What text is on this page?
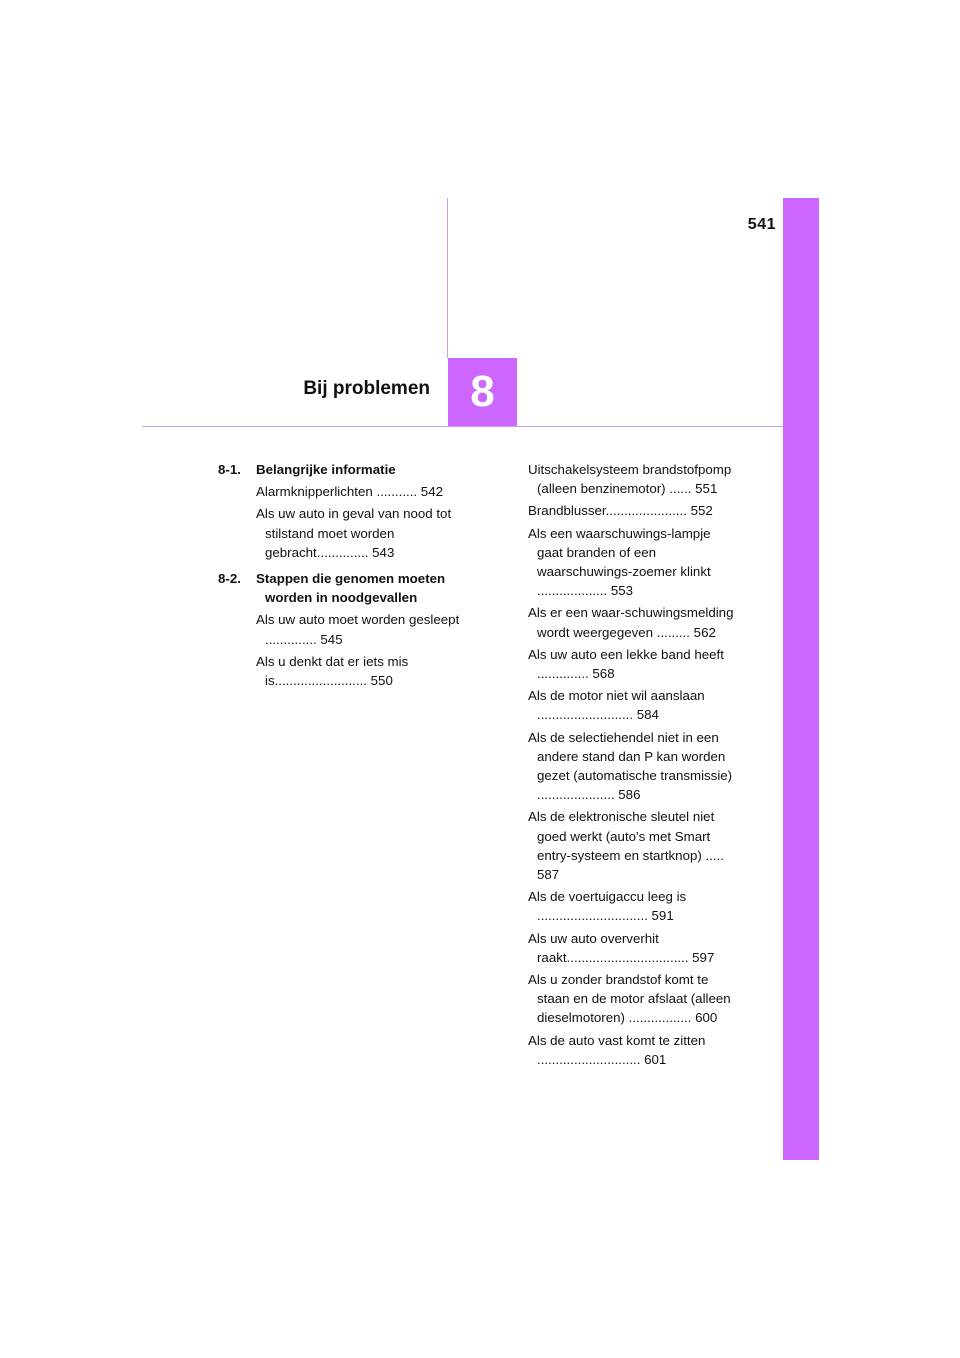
541
8
Bij problemen
8-1.	Belangrijke informatie
Alarmknipperlichten ........... 542
Als uw auto in geval van nood tot stilstand moet worden gebracht.............. 543
8-2.	Stappen die genomen moeten worden in noodgevallen
Als uw auto moet worden gesleept .............. 545
Als u denkt dat er iets mis is......................... 550
Uitschakelsysteem brandstofpomp (alleen benzinemotor) ...... 551
Brandblusser...................... 552
Als een waarschuwings-lampje gaat branden of een waarschuwings-zoemer klinkt ................... 553
Als er een waar-schuwingsmelding wordt weergegeven ......... 562
Als uw auto een lekke band heeft .............. 568
Als de motor niet wil aanslaan .......................... 584
Als de selectiehendel niet in een andere stand dan P kan worden gezet (automatische transmissie) ..................... 586
Als de elektronische sleutel niet goed werkt (auto's met Smart entry-systeem en startknop) ..... 587
Als de voertuigaccu leeg is .............................. 591
Als uw auto oververhit raakt................................. 597
Als u zonder brandstof komt te staan en de motor afslaat (alleen dieselmotoren) ................. 600
Als de auto vast komt te zitten ............................ 601
